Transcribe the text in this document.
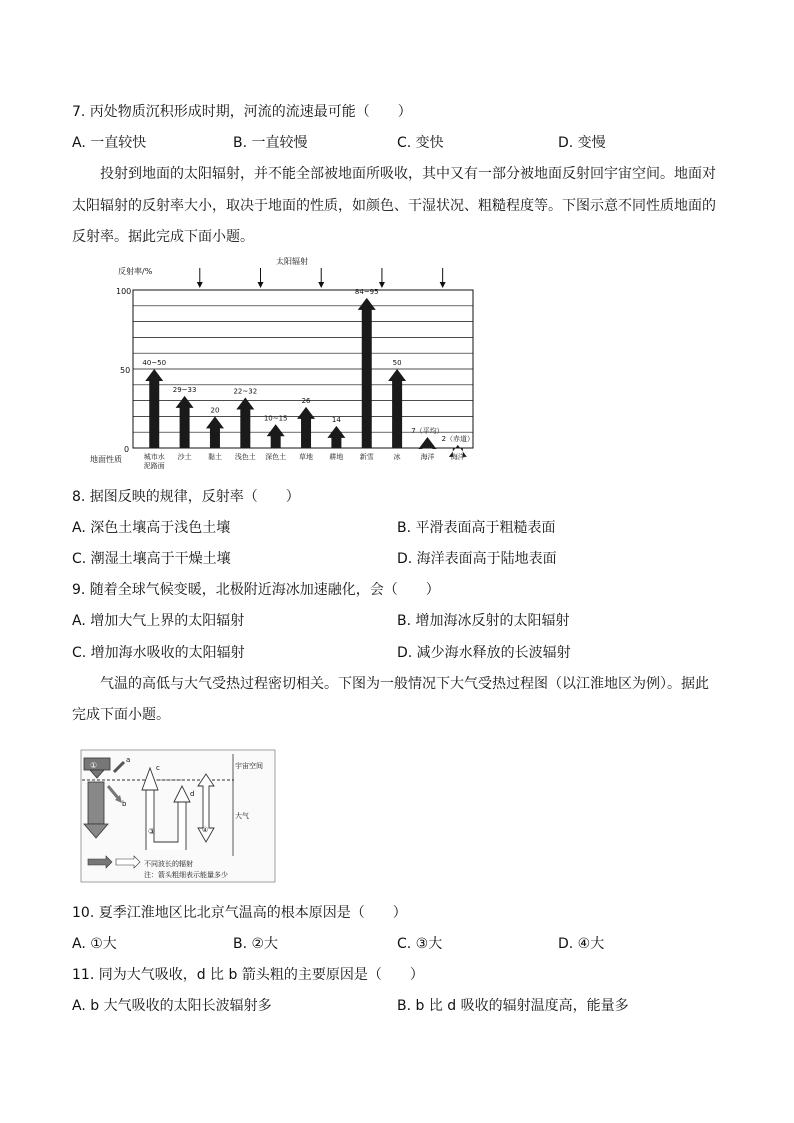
7. 丙处物质沉积形成时期，河流的流速最可能（　　）
A. 一直较快	B. 一直较慢	C. 变快	D. 变慢
投射到地面的太阳辐射，并不能全部被地面所吸收，其中又有一部分被地面反射回宇宙空间。地面对
太阳辐射的反射率大小，取决于地面的性质，如颜色、干湿状况、粗糙程度等。下图示意不同性质地面的
反射率。据此完成下面小题。
反射率/%
太阳辐射
地面性质
100
50
0
40~50
城市水
泥路面
29~33
沙土
20
黏土
22~32
浅色土
10~15
深色土
26
草地
14
耕地
84~95
新雪
50
冰
7（平均）
海洋
2（赤道）
海洋
8. 据图反映的规律，反射率（　　）
A. 深色土壤高于浅色土壤	B. 平滑表面高于粗糙表面
C. 潮湿土壤高于干燥土壤	D. 海洋表面高于陆地表面
9. 随着全球气候变暖，北极附近海冰加速融化，会（　　）
A. 增加大气上界的太阳辐射	B. 增加海冰反射的太阳辐射
C. 增加海水吸收的太阳辐射	D. 减少海水释放的长波辐射
气温的高低与大气受热过程密切相关。下图为一般情况下大气受热过程图（以江淮地区为例）。据此
完成下面小题。
宇宙空间
大气
①
a
b
c
d
③	④
不同波长的辐射
注：箭头粗细表示能量多少
10. 夏季江淮地区比北京气温高的根本原因是（　　）
A. ①大	B. ②大	C. ③大	D. ④大
11. 同为大气吸收，d 比 b 箭头粗的主要原因是（　　）
A. b 大气吸收的太阳长波辐射多	B. b 比 d 吸收的辐射温度高，能量多
